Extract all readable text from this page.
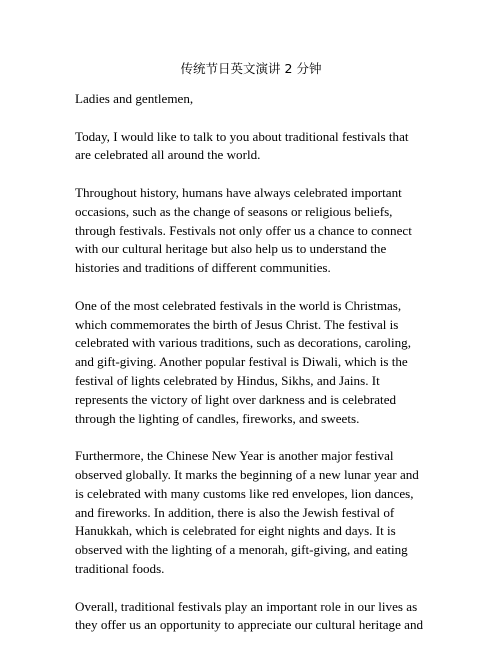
传统节日英文演讲 2 分钟

Ladies and gentlemen,

Today, I would like to talk to you about traditional festivals that
are celebrated all around the world.

Throughout history, humans have always celebrated important
occasions, such as the change of seasons or religious beliefs,
through festivals. Festivals not only offer us a chance to connect
with our cultural heritage but also help us to understand the
histories and traditions of different communities.

One of the most celebrated festivals in the world is Christmas,
which commemorates the birth of Jesus Christ. The festival is
celebrated with various traditions, such as decorations, caroling,
and gift-giving. Another popular festival is Diwali, which is the
festival of lights celebrated by Hindus, Sikhs, and Jains. It
represents the victory of light over darkness and is celebrated
through the lighting of candles, fireworks, and sweets.

Furthermore, the Chinese New Year is another major festival
observed globally. It marks the beginning of a new lunar year and
is celebrated with many customs like red envelopes, lion dances,
and fireworks. In addition, there is also the Jewish festival of
Hanukkah, which is celebrated for eight nights and days. It is
observed with the lighting of a menorah, gift-giving, and eating
traditional foods.

Overall, traditional festivals play an important role in our lives as
they offer us an opportunity to appreciate our cultural heritage and
